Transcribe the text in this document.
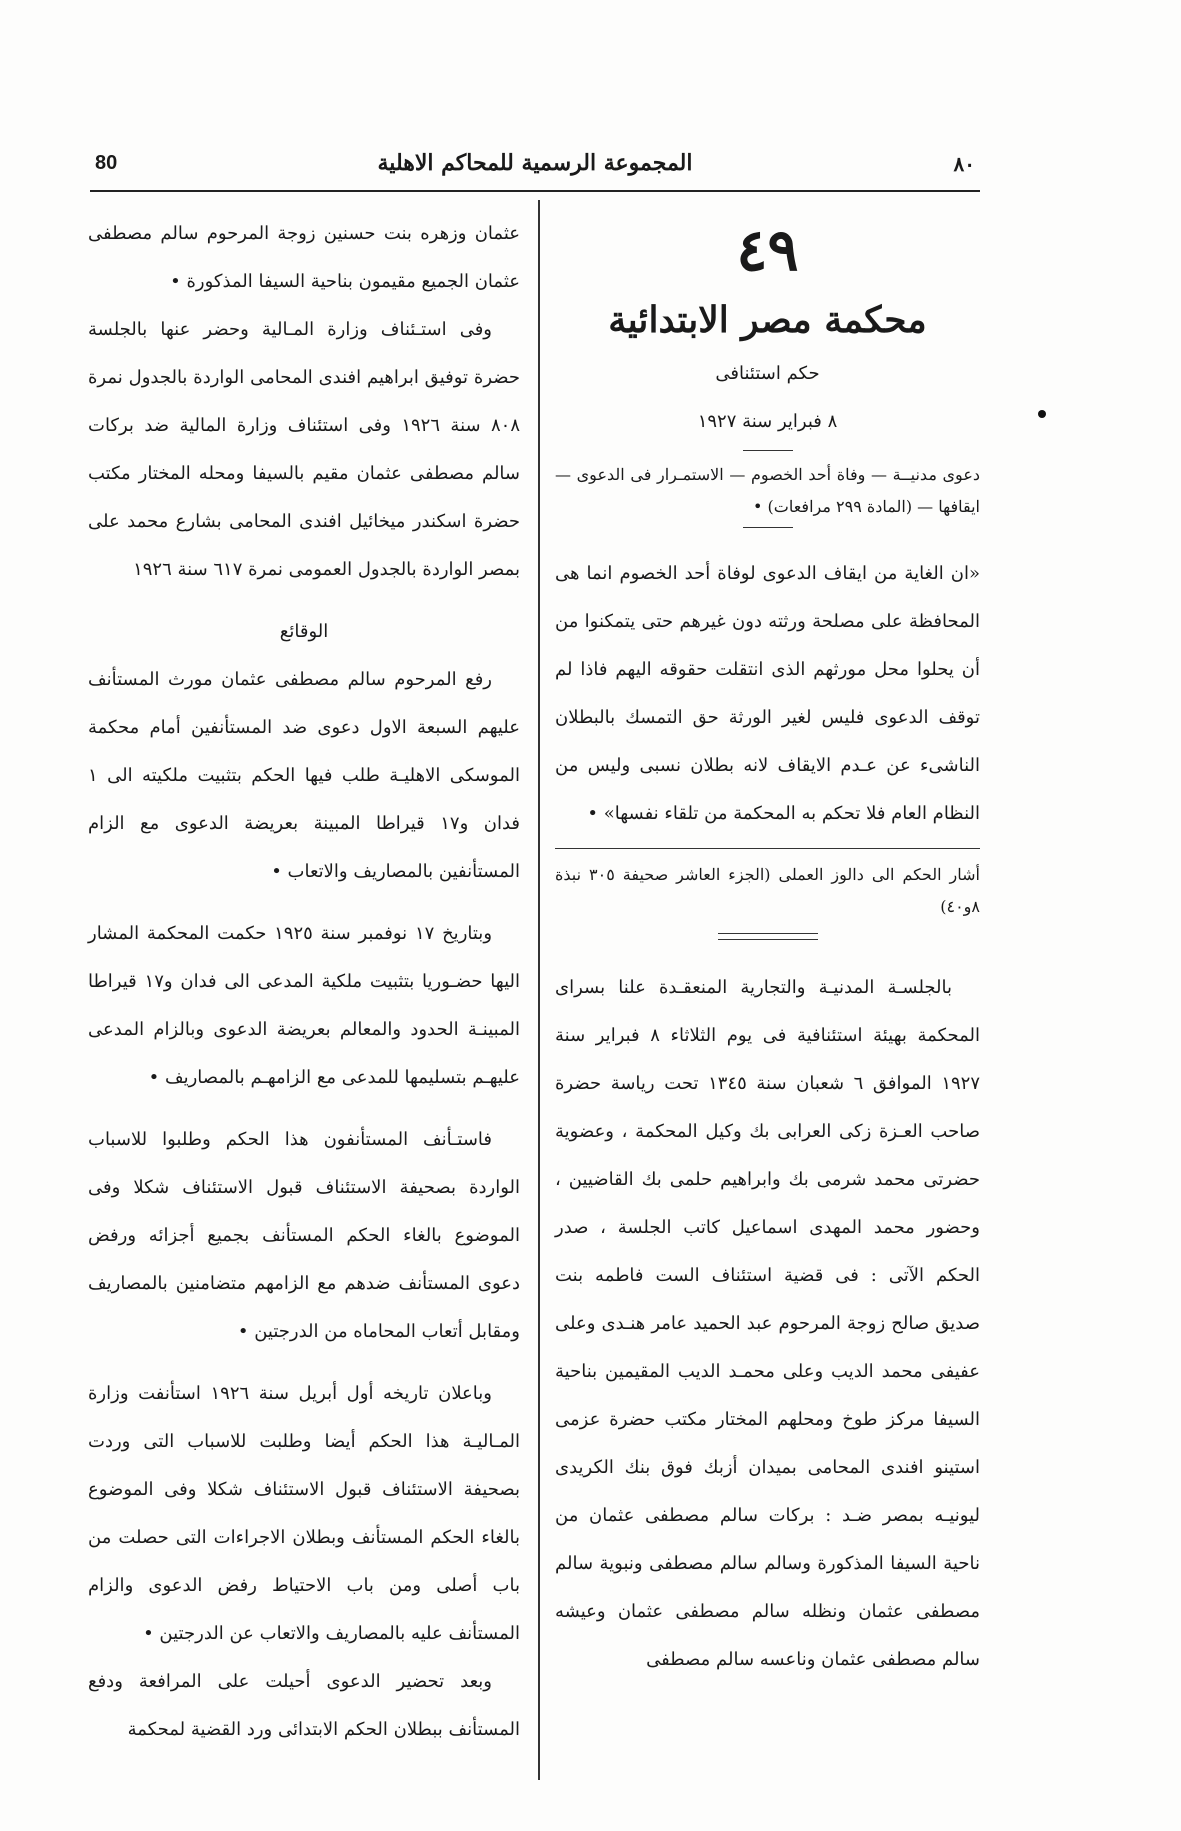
80	المجموعة الرسمية للمحاكم الاهلية	٨٠

٤٩

محكمة مصر الابتدائية

حكم استئنافى

٨ فبراير سنة ١٩٢٧

دعوى مدنيــة — وفاة أحد الخصوم — الاستمـرار فى الدعوى — ايقافها — (المادة ٢٩٩ مرافعات) •

«ان الغاية من ايقاف الدعوى لوفاة أحد الخصوم انما هى المحافظة على مصلحة ورثته دون غيرهم حتى يتمكنوا من أن يحلوا محل مورثهم الذى انتقلت حقوقه اليهم فاذا لم توقف الدعوى فليس لغير الورثة حق التمسك بالبطلان الناشىء عن عـدم الايقاف لانه بطلان نسبى وليس من النظام العام فلا تحكم به المحكمة من تلقاء نفسها» •

أشار الحكم الى دالوز العملى (الجزء العاشر صحيفة ٣٠٥ نبذة ٨و٤٠)

بالجلسـة المدنيـة والتجارية المنعقـدة علنا بسراى المحكمة بهيئة استئنافية فى يوم الثلاثاء ٨ فبراير سنة ١٩٢٧ الموافق ٦ شعبان سنة ١٣٤٥ تحت رياسة حضرة صاحب العـزة زكى العرابى بك وكيل المحكمة ، وعضوية حضرتى محمد شرمى بك وابراهيم حلمى بك القاضيين ، وحضور محمد المهدى اسماعيل كاتب الجلسة ، صدر الحكم الآتى : فى قضية استئناف الست فاطمه بنت صديق صالح زوجة المرحوم عبد الحميد عامر هنـدى وعلى عفيفى محمد الديب وعلى محمـد الديب المقيمين بناحية السيفا مركز طوخ ومحلهم المختار مكتب حضرة عزمى استينو افندى المحامى بميدان أزبك فوق بنك الكريدى ليونيـه بمصر ضـد : بركات سالم مصطفى عثمان من ناحية السيفا المذكورة وسالم سالم مصطفى ونبوية سالم مصطفى عثمان ونظله سالم مصطفى عثمان وعيشه سالم مصطفى عثمان وناعسه سالم مصطفى

عثمان وزهره بنت حسنين زوجة المرحوم سالم مصطفى عثمان الجميع مقيمون بناحية السيفا المذكورة •

وفى استـئناف وزارة المـالية وحضر عنها بالجلسة حضرة توفيق ابراهيم افندى المحامى الواردة بالجدول نمرة ٨٠٨ سنة ١٩٢٦ وفى استئناف وزارة المالية ضد بركات سالم مصطفى عثمان مقيم بالسيفا ومحله المختار مكتب حضرة اسكندر ميخائيل افندى المحامى بشارع محمد على بمصر الواردة بالجدول العمومى نمرة ٦١٧ سنة ١٩٢٦

الوقائع

رفع المرحوم سالم مصطفى عثمان مورث المستأنف عليهم السبعة الاول دعوى ضد المستأنفين أمام محكمة الموسكى الاهليـة طلب فيها الحكم بتثبيت ملكيته الى ١ فدان و١٧ قيراطا المبينة بعريضة الدعوى مع الزام المستأنفين بالمصاريف والاتعاب •

وبتاريخ ١٧ نوفمبر سنة ١٩٢٥ حكمت المحكمة المشار اليها حضـوريا بتثبيت ملكية المدعى الى فدان و١٧ قيراطا المبينـة الحدود والمعالم بعريضة الدعوى وبالزام المدعى عليهـم بتسليمها للمدعى مع الزامهـم بالمصاريف •

فاستـأنف المستأنفون هذا الحكم وطلبوا للاسباب الواردة بصحيفة الاستئناف قبول الاستئناف شكلا وفى الموضوع بالغاء الحكم المستأنف بجميع أجزائه ورفض دعوى المستأنف ضدهم مع الزامهم متضامنين بالمصاريف ومقابل أتعاب المحاماه من الدرجتين •

وباعلان تاريخه أول أبريل سنة ١٩٢٦ استأنفت وزارة المـاليـة هذا الحكم أيضا وطلبت للاسباب التى وردت بصحيفة الاستئناف قبول الاستئناف شكلا وفى الموضوع بالغاء الحكم المستأنف وبطلان الاجراءات التى حصلت من باب أصلى ومن باب الاحتياط رفض الدعوى والزام المستأنف عليه بالمصاريف والاتعاب عن الدرجتين •

وبعد تحضير الدعوى أحيلت على المرافعة ودفع المستأنف ببطلان الحكم الابتدائى ورد القضية لمحكمة
